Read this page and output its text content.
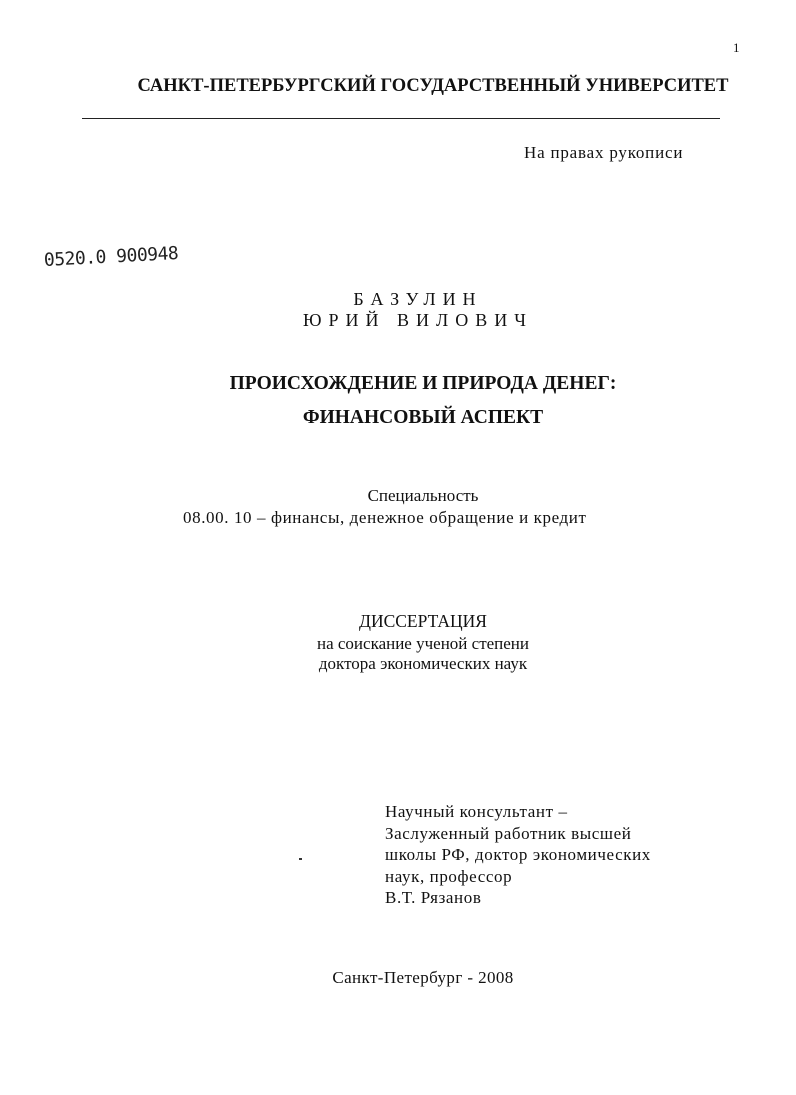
1
САНКТ-ПЕТЕРБУРГСКИЙ ГОСУДАРСТВЕННЫЙ УНИВЕРСИТЕТ
На правах рукописи
0520.0 900948
БАЗУЛИН
ЮРИЙ ВИЛОВИЧ
ПРОИСХОЖДЕНИЕ И ПРИРОДА ДЕНЕГ:
ФИНАНСОВЫЙ АСПЕКТ
Специальность
08.00. 10 – финансы, денежное обращение и кредит
ДИССЕРТАЦИЯ
на соискание ученой степени
доктора экономических наук
Научный консультант –
Заслуженный работник высшей
школы РФ, доктор экономических
наук, профессор
В.Т. Рязанов
Санкт-Петербург - 2008
